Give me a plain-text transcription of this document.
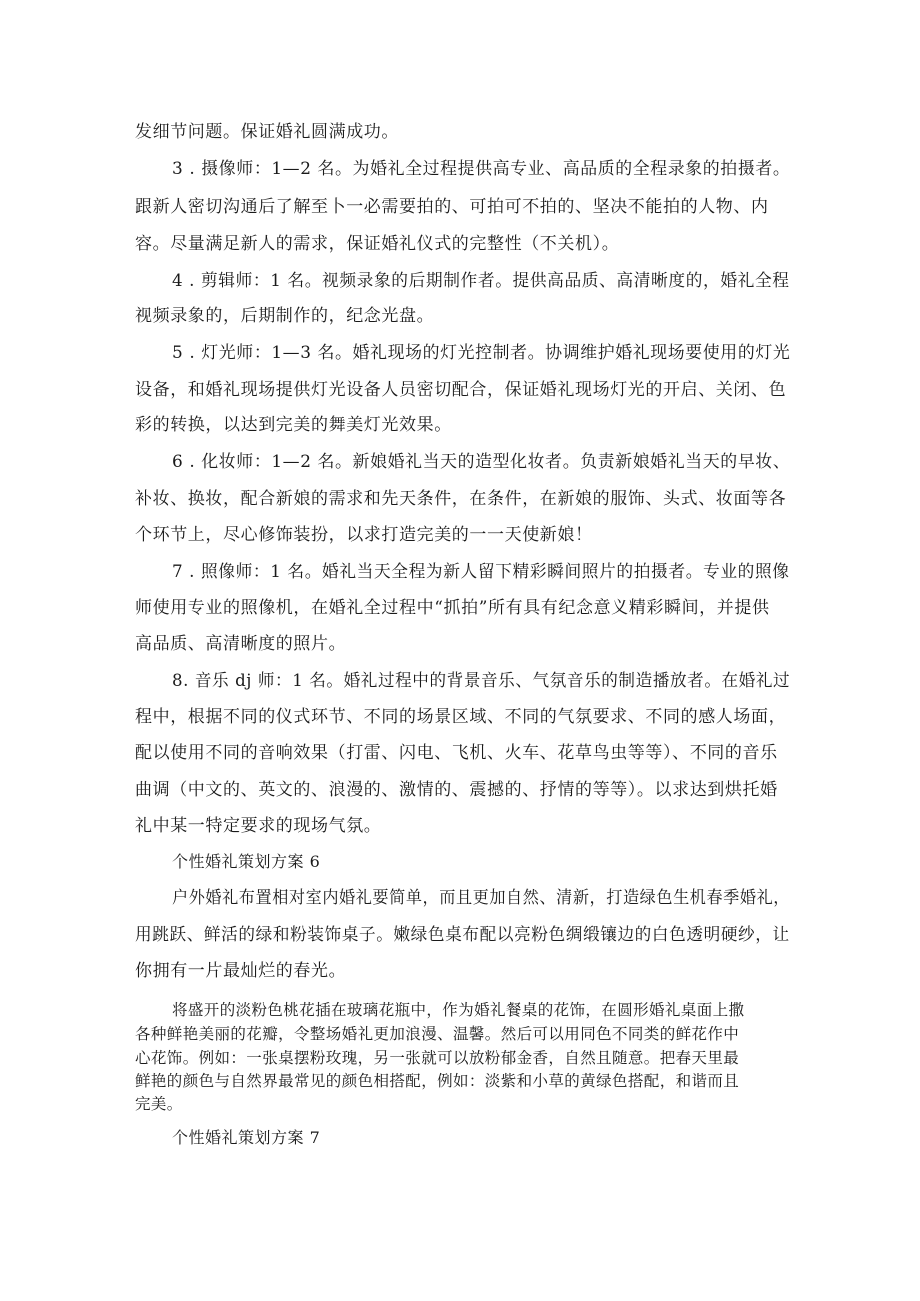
发细节问题。保证婚礼圆满成功。
3 . 摄像师：1—2 名。为婚礼全过程提供高专业、高品质的全程录象的拍摄者。
跟新人密切沟通后了解至卜一必需要拍的、可拍可不拍的、坚决不能拍的人物、内
容。尽量满足新人的需求，保证婚礼仪式的完整性（不关机）。
4 . 剪辑师：1 名。视频录象的后期制作者。提供高品质、高清晰度的，婚礼全程
视频录象的，后期制作的，纪念光盘。
5 . 灯光师：1—3 名。婚礼现场的灯光控制者。协调维护婚礼现场要使用的灯光
设备，和婚礼现场提供灯光设备人员密切配合，保证婚礼现场灯光的开启、关闭、色
彩的转换，以达到完美的舞美灯光效果。
6 . 化妆师：1—2 名。新娘婚礼当天的造型化妆者。负责新娘婚礼当天的早妆、
补妆、换妆，配合新娘的需求和先天条件，在条件，在新娘的服饰、头式、妆面等各
个环节上，尽心修饰装扮，以求打造完美的一一天使新娘！
7 . 照像师：1 名。婚礼当天全程为新人留下精彩瞬间照片的拍摄者。专业的照像
师使用专业的照像机，在婚礼全过程中“抓拍”所有具有纪念意义精彩瞬间，并提供
高品质、高清晰度的照片。
8. 音乐 dj 师：1 名。婚礼过程中的背景音乐、气氛音乐的制造播放者。在婚礼过
程中，根据不同的仪式环节、不同的场景区域、不同的气氛要求、不同的感人场面，
配以使用不同的音响效果（打雷、闪电、飞机、火车、花草鸟虫等等）、不同的音乐
曲调（中文的、英文的、浪漫的、激情的、震撼的、抒情的等等）。以求达到烘托婚
礼中某一特定要求的现场气氛。
个性婚礼策划方案 6
户外婚礼布置相对室内婚礼要简单，而且更加自然、清新，打造绿色生机春季婚礼，
用跳跃、鲜活的绿和粉装饰桌子。嫩绿色桌布配以亮粉色绸缎镶边的白色透明硬纱，让
你拥有一片最灿烂的春光。
将盛开的淡粉色桃花插在玻璃花瓶中，作为婚礼餐桌的花饰，在圆形婚礼桌面上撒
各种鲜艳美丽的花瓣，令整场婚礼更加浪漫、温馨。然后可以用同色不同类的鲜花作中
心花饰。例如：一张桌摆粉玫瑰，另一张就可以放粉郁金香，自然且随意。把春天里最
鲜艳的颜色与自然界最常见的颜色相搭配，例如：淡紫和小草的黄绿色搭配，和谐而且
完美。
个性婚礼策划方案 7
